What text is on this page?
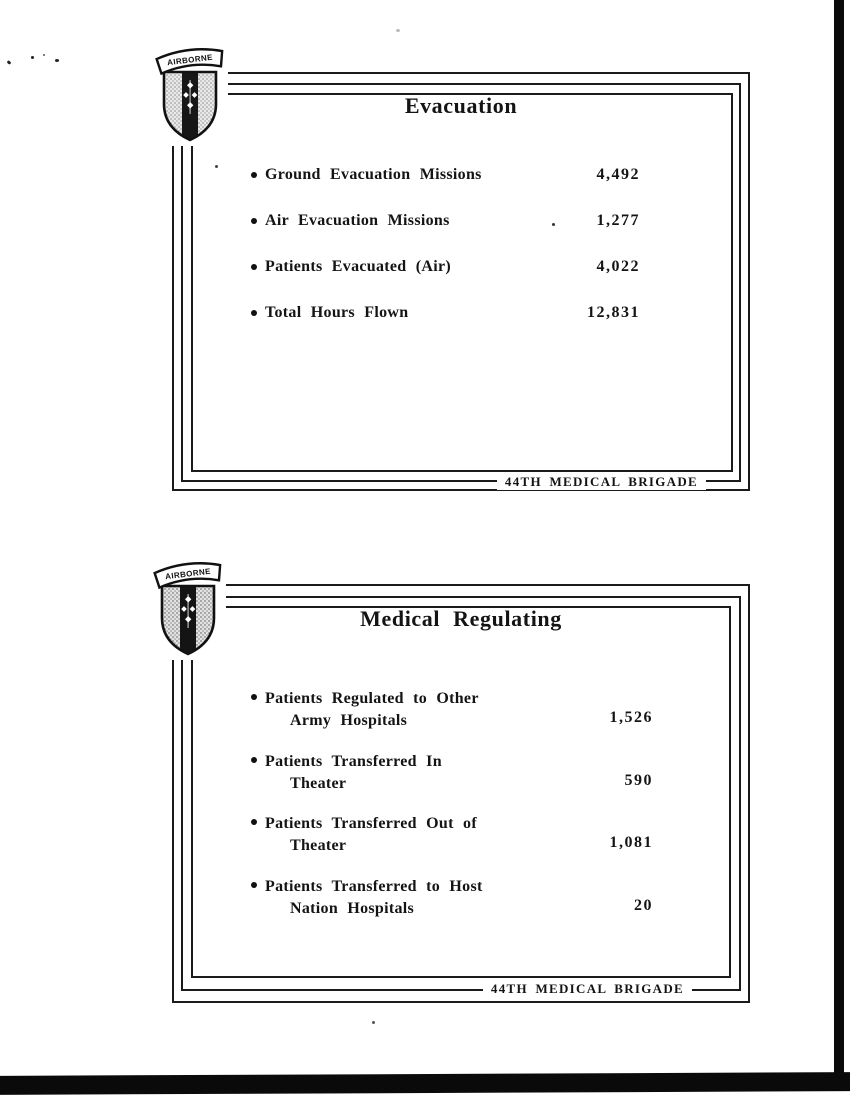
AIRBORNE
Evacuation
Ground Evacuation Missions	4,492
Air Evacuation Missions	1,277
Patients Evacuated (Air)	4,022
Total Hours Flown	12,831
44TH MEDICAL BRIGADE
AIRBORNE
Medical Regulating
Patients Regulated to Other
Army Hospitals	1,526
Patients Transferred In
Theater	590
Patients Transferred Out of
Theater	1,081
Patients Transferred to Host
Nation Hospitals	20
44TH MEDICAL BRIGADE
